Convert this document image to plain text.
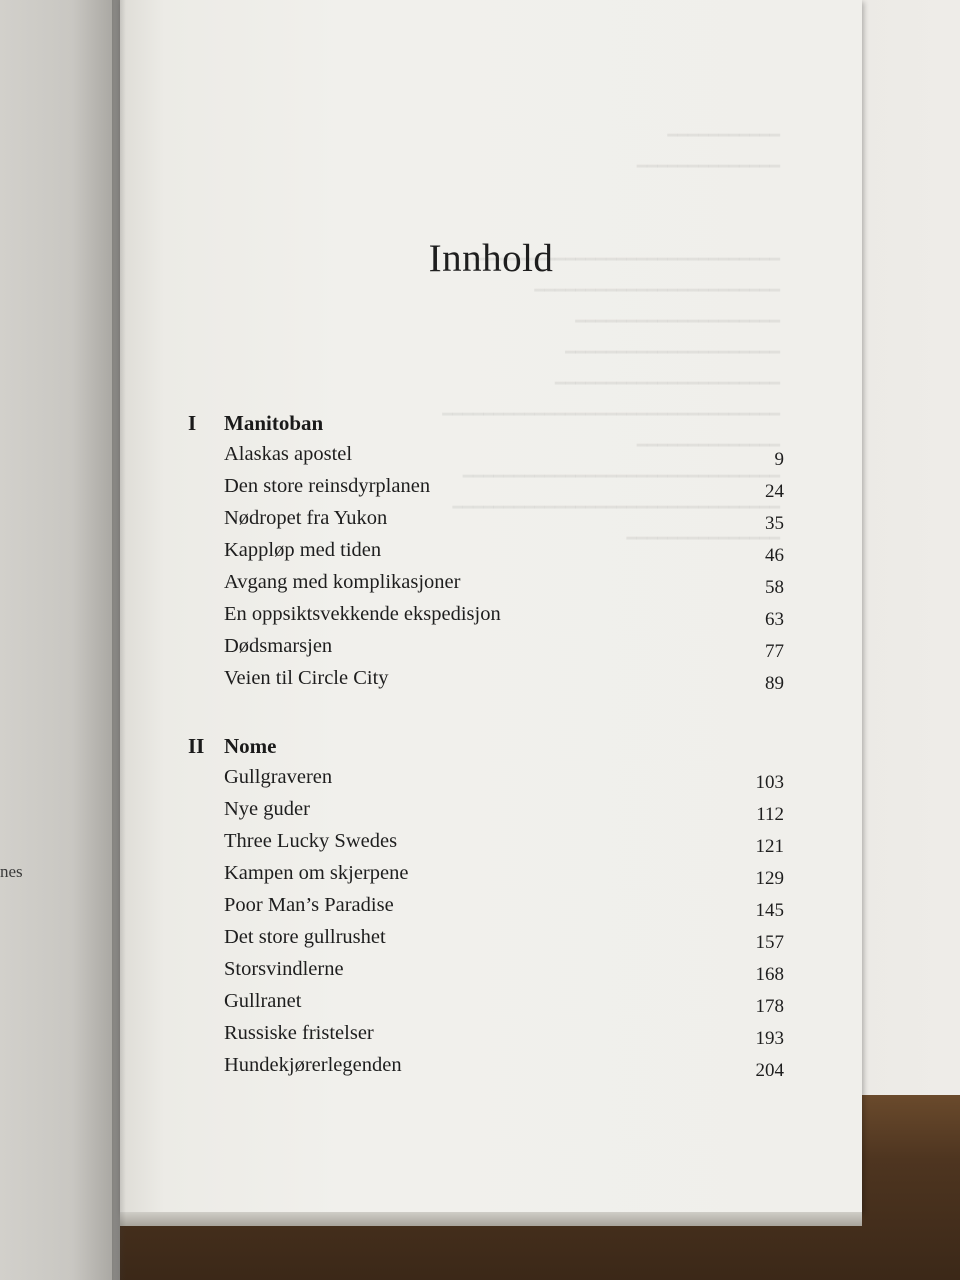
nes
Innhold
I Manitoban
Alaskas apostel	9
Den store reinsdyrplanen	24
Nødropet fra Yukon	35
Kappløp med tiden	46
Avgang med komplikasjoner	58
En oppsiktsvekkende ekspedisjon	63
Dødsmarsjen	77
Veien til Circle City	89
II Nome
Gullgraveren	103
Nye guder	112
Three Lucky Swedes	121
Kampen om skjerpene	129
Poor Man’s Paradise	145
Det store gullrushet	157
Storsvindlerne	168
Gullranet	178
Russiske fristelser	193
Hundekjørerlegenden	204
